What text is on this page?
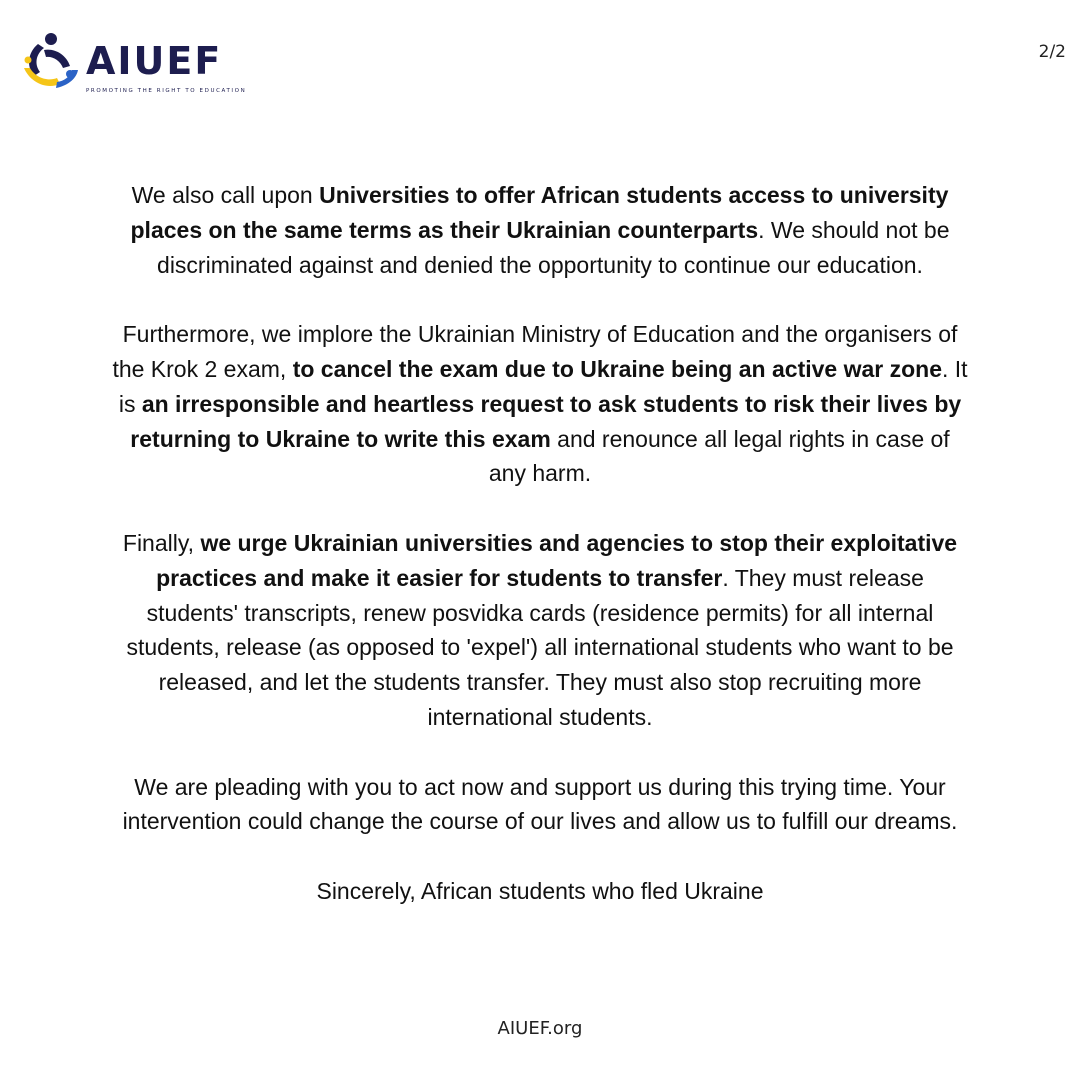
AIUEF
PROMOTING THE RIGHT TO EDUCATION
2/2

We also call upon Universities to offer African students access to university places on the same terms as their Ukrainian counterparts. We should not be discriminated against and denied the opportunity to continue our education.

Furthermore, we implore the Ukrainian Ministry of Education and the organisers of the Krok 2 exam, to cancel the exam due to Ukraine being an active war zone. It is an irresponsible and heartless request to ask students to risk their lives by returning to Ukraine to write this exam and renounce all legal rights in case of any harm.

Finally, we urge Ukrainian universities and agencies to stop their exploitative practices and make it easier for students to transfer. They must release students' transcripts, renew posvidka cards (residence permits) for all internal students, release (as opposed to 'expel') all international students who want to be released, and let the students transfer. They must also stop recruiting more international students.

We are pleading with you to act now and support us during this trying time. Your intervention could change the course of our lives and allow us to fulfill our dreams.

Sincerely, African students who fled Ukraine

AIUEF.org
